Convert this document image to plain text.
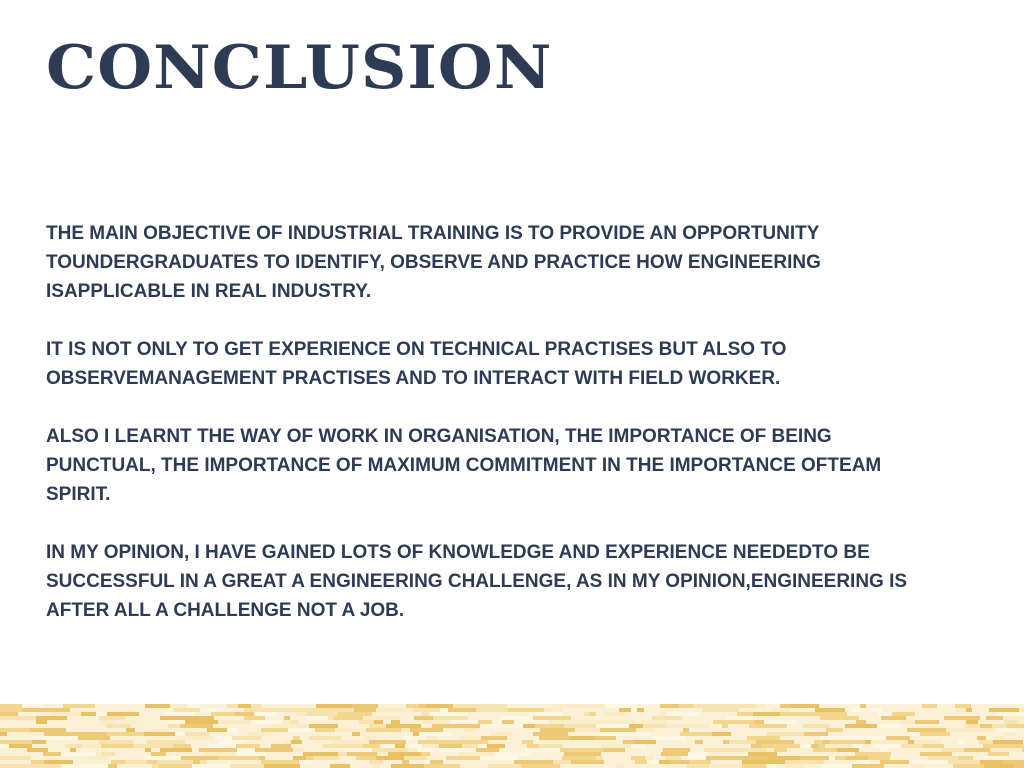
CONCLUSION

THE MAIN OBJECTIVE OF INDUSTRIAL TRAINING IS TO PROVIDE AN OPPORTUNITY
TOUNDERGRADUATES TO IDENTIFY, OBSERVE AND PRACTICE HOW ENGINEERING
ISAPPLICABLE IN REAL INDUSTRY.

IT IS NOT ONLY TO GET EXPERIENCE ON TECHNICAL PRACTISES BUT ALSO TO
OBSERVEMANAGEMENT PRACTISES AND TO INTERACT WITH FIELD WORKER.

ALSO I LEARNT THE WAY OF WORK IN ORGANISATION, THE IMPORTANCE OF BEING
PUNCTUAL, THE IMPORTANCE OF MAXIMUM COMMITMENT IN THE IMPORTANCE OFTEAM
SPIRIT.

IN MY OPINION, I HAVE GAINED LOTS OF KNOWLEDGE AND EXPERIENCE NEEDEDTO BE
SUCCESSFUL IN A GREAT A ENGINEERING CHALLENGE, AS IN MY OPINION,ENGINEERING IS
AFTER ALL A CHALLENGE NOT A JOB.
